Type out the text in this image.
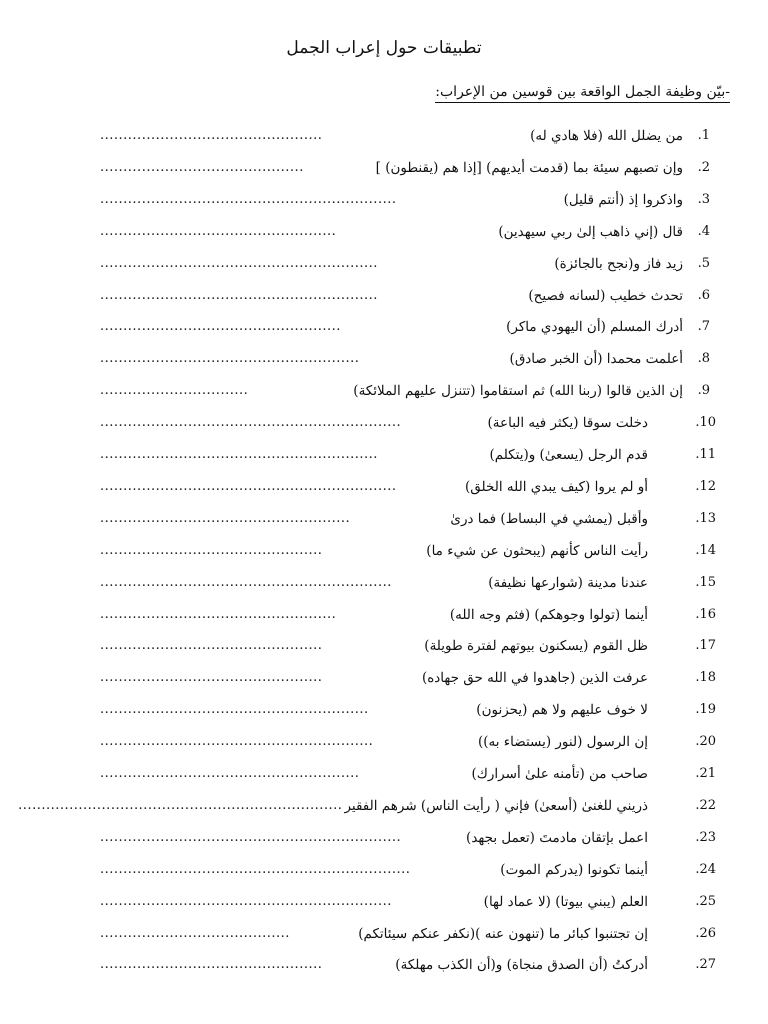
تطبيقات حول إعراب الجمل
-بيّن وظيفة الجمل الواقعة بين قوسين من الإعراب:
.1
من يضلل الله (فلا هادي له)
................................................
.2
وإن تصبهم سيئة بما (قدمت أيديهم) [إذا هم (يقنطون) ]
............................................
.3
واذكروا إذ (أنتم قليل)
................................................................
.4
قال (إني ذاهب إلىٰ ربي سيهدين)
...................................................
.5
زيد فاز و(نجح بالجائزة)
............................................................
.6
تحدث خطيب (لسانه فصيح)
............................................................
.7
أدرك المسلم (أن اليهودي ماكر)
....................................................
.8
أعلمت محمدا (أن الخبر صادق)
........................................................
.9
إن الذين قالوا (ربنا الله) ثم استقاموا (تتنزل عليهم الملائكة)
................................
.10
دخلت سوقا (يكثر فيه الباعة)
.................................................................
.11
قدم الرجل (يسعىٰ) و(يتكلم)
............................................................
.12
أو لم يروا (كيف يبدي الله الخلق)
................................................................
.13
وأقبل (يمشي في البساط) فما درىٰ
......................................................
.14
رأيت الناس كأنهم (يبحثون عن شيء ما)
................................................
.15
عندنا مدينة (شوارعها نظيفة)
...............................................................
.16
أينما (تولوا وجوهكم) (فثم وجه الله)
...................................................
.17
ظل القوم (يسكنون بيوتهم لفترة طويلة)
................................................
.18
عرفت الذين (جاهدوا في الله حق جهاده)
................................................
.19
لا خوف عليهم ولا هم (يحزنون)
..........................................................
.20
إن الرسول (لنور (يستضاء به))
...........................................................
.21
صاحب من (تأمنه علىٰ أسرارك)
........................................................
.22
ذريني للغنىٰ (أسعىٰ) فإني ( رأيت الناس) شرهم الفقير
......................................................................
.23
اعمل بإتقان مادمتَ (تعمل بجهد)
.................................................................
.24
أينما تكونوا (يدركم الموت)
...................................................................
.25
العلم (يبني بيوتا) (لا عماد لها)
...............................................................
.26
إن تجتنبوا كبائر ما (تنهون عنه )(نكفر عنكم سيئاتكم)
.........................................
.27
أدركتُ (أن الصدق منجاة) و(أن الكذب مهلكة)
................................................
